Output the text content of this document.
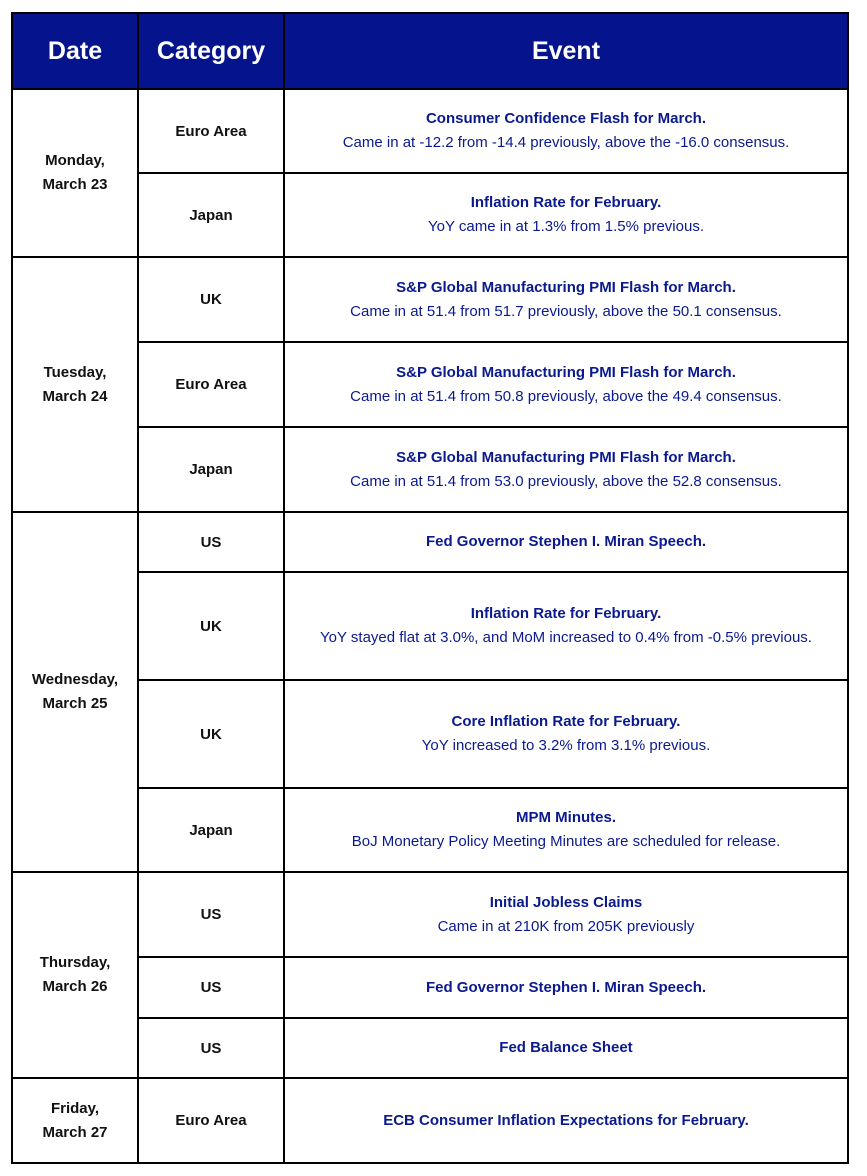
Date	Category	Event

Monday,
March 23	Euro Area	Consumer Confidence Flash for March.
Came in at -12.2 from -14.4 previously, above the -16.0 consensus.

	Japan	Inflation Rate for February.
YoY came in at 1.3% from 1.5% previous.

Tuesday,
March 24	UK	S&P Global Manufacturing PMI Flash for March.
Came in at 51.4 from 51.7 previously, above the 50.1 consensus.

	Euro Area	S&P Global Manufacturing PMI Flash for March.
Came in at 51.4 from 50.8 previously, above the 49.4 consensus.

	Japan	S&P Global Manufacturing PMI Flash for March.
Came in at 51.4 from 53.0 previously, above the 52.8 consensus.

Wednesday,
March 25	US	Fed Governor Stephen I. Miran Speech.

	UK	Inflation Rate for February.
YoY stayed flat at 3.0%, and MoM increased to 0.4% from -0.5% previous.

	UK	Core Inflation Rate for February.
YoY increased to 3.2% from 3.1% previous.

	Japan	MPM Minutes.
BoJ Monetary Policy Meeting Minutes are scheduled for release.

Thursday,
March 26	US	Initial Jobless Claims
Came in at 210K from 205K previously

	US	Fed Governor Stephen I. Miran Speech.

	US	Fed Balance Sheet

Friday,
March 27	Euro Area	ECB Consumer Inflation Expectations for February.
